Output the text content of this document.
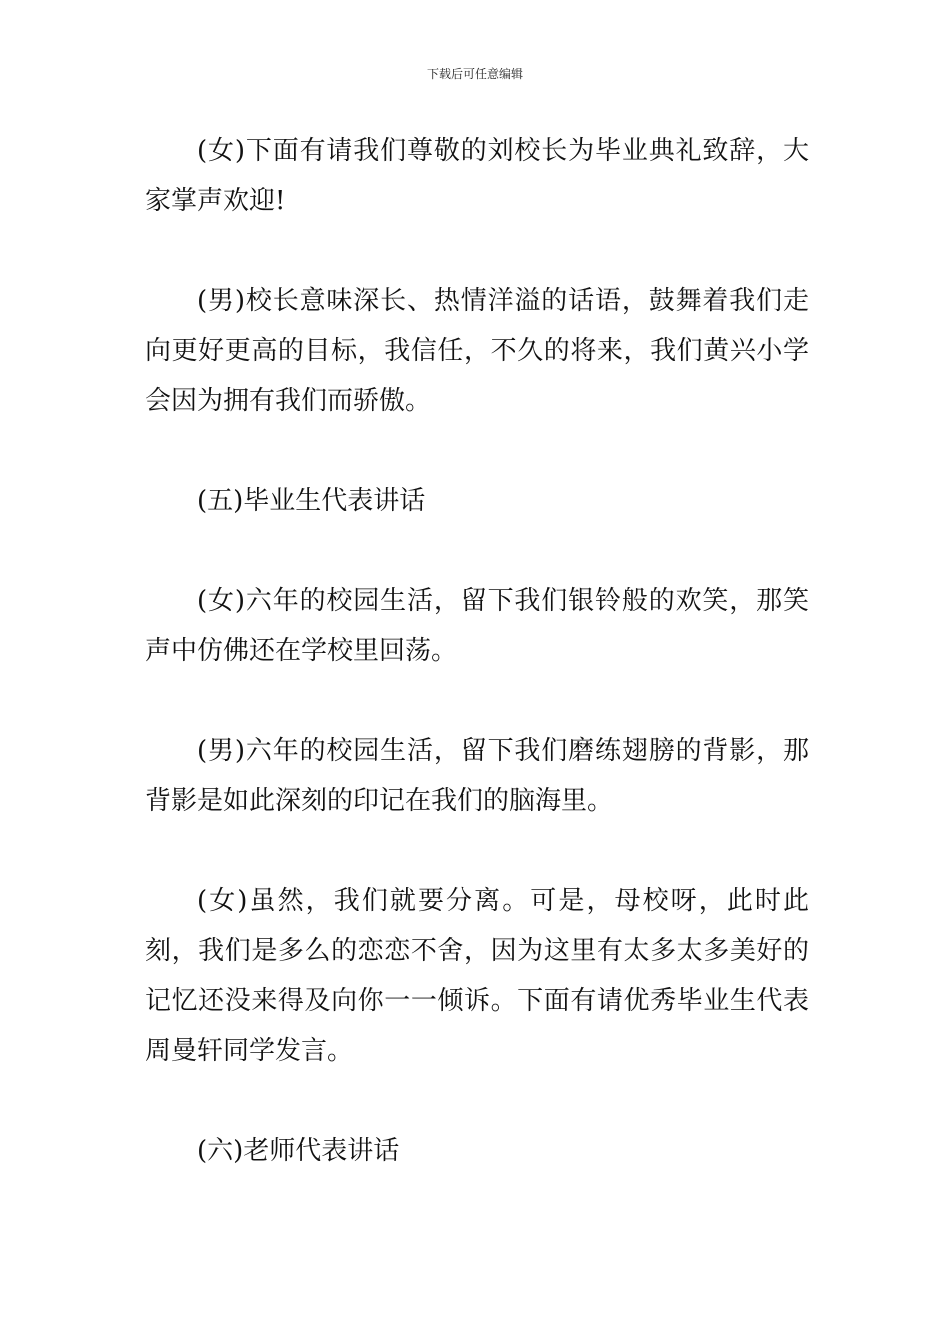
下载后可任意编辑

(女)下面有请我们尊敬的刘校长为毕业典礼致辞，大家掌声欢迎!

(男)校长意味深长、热情洋溢的话语，鼓舞着我们走向更好更高的目标，我信任，不久的将来，我们黄兴小学会因为拥有我们而骄傲。

(五)毕业生代表讲话

(女)六年的校园生活，留下我们银铃般的欢笑，那笑声中仿佛还在学校里回荡。

(男)六年的校园生活，留下我们磨练翅膀的背影，那背影是如此深刻的印记在我们的脑海里。

(女)虽然，我们就要分离。可是，母校呀，此时此刻，我们是多么的恋恋不舍，因为这里有太多太多美好的记忆还没来得及向你一一倾诉。下面有请优秀毕业生代表周曼轩同学发言。

(六)老师代表讲话
